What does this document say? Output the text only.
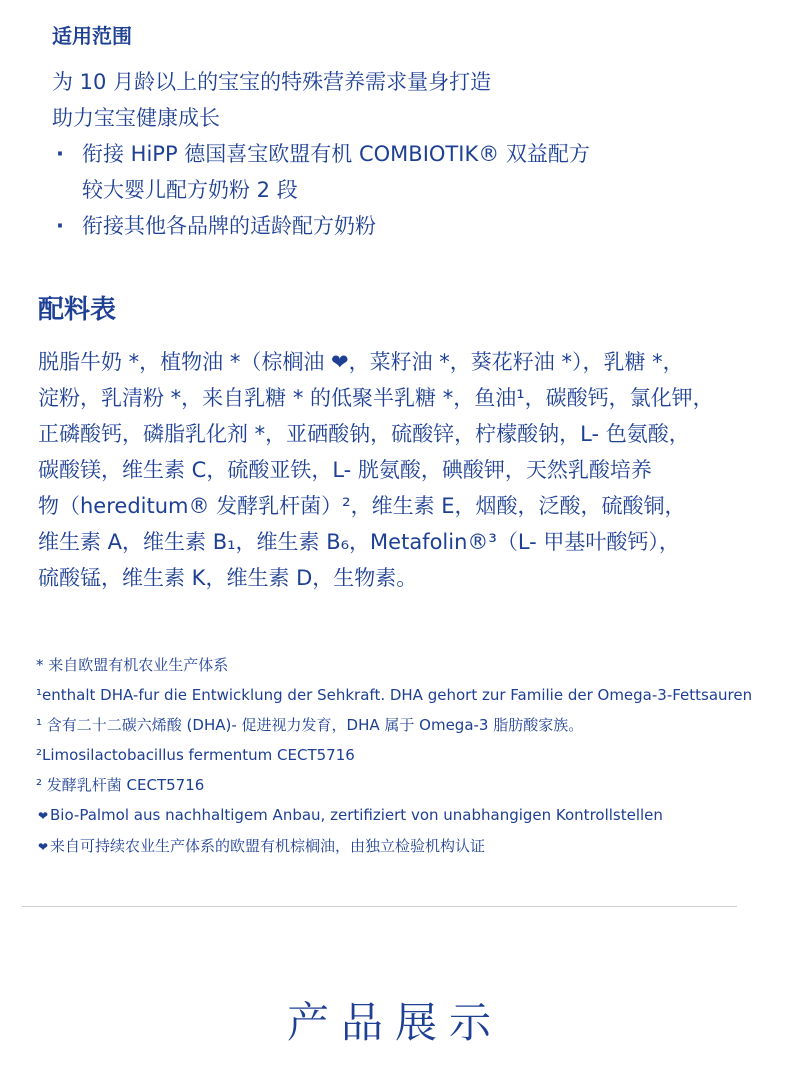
适用范围
为 10 月龄以上的宝宝的特殊营养需求量身打造
助力宝宝健康成长
· 衔接 HiPP 德国喜宝欧盟有机 COMBIOTIK® 双益配方
较大婴儿配方奶粉 2 段
· 衔接其他各品牌的适龄配方奶粉
配料表
脱脂牛奶 *，植物油 *（棕榈油 ❤，菜籽油 *，葵花籽油 *），乳糖 *，
淀粉，乳清粉 *，来自乳糖 * 的低聚半乳糖 *，鱼油¹，碳酸钙，氯化钾，
正磷酸钙，磷脂乳化剂 *，亚硒酸钠，硫酸锌，柠檬酸钠，L- 色氨酸，
碳酸镁，维生素 C，硫酸亚铁，L- 胱氨酸，碘酸钾，天然乳酸培养
物（hereditum® 发酵乳杆菌）²，维生素 E，烟酸，泛酸，硫酸铜，
维生素 A，维生素 B₁，维生素 B₆，Metafolin®³（L- 甲基叶酸钙），
硫酸锰，维生素 K，维生素 D，生物素。
* 来自欧盟有机农业生产体系
¹enthalt DHA-fur die Entwicklung der Sehkraft. DHA gehort zur Familie der Omega-3-Fettsauren
¹ 含有二十二碳六烯酸 (DHA)- 促进视力发育，DHA 属于 Omega-3 脂肪酸家族。
²Limosilactobacillus fermentum CECT5716
² 发酵乳杆菌 CECT5716
❤ Bio-Palmol aus nachhaltigem Anbau, zertifiziert von unabhangigen Kontrollstellen
❤ 来自可持续农业生产体系的欧盟有机棕榈油，由独立检验机构认证
产品展示
